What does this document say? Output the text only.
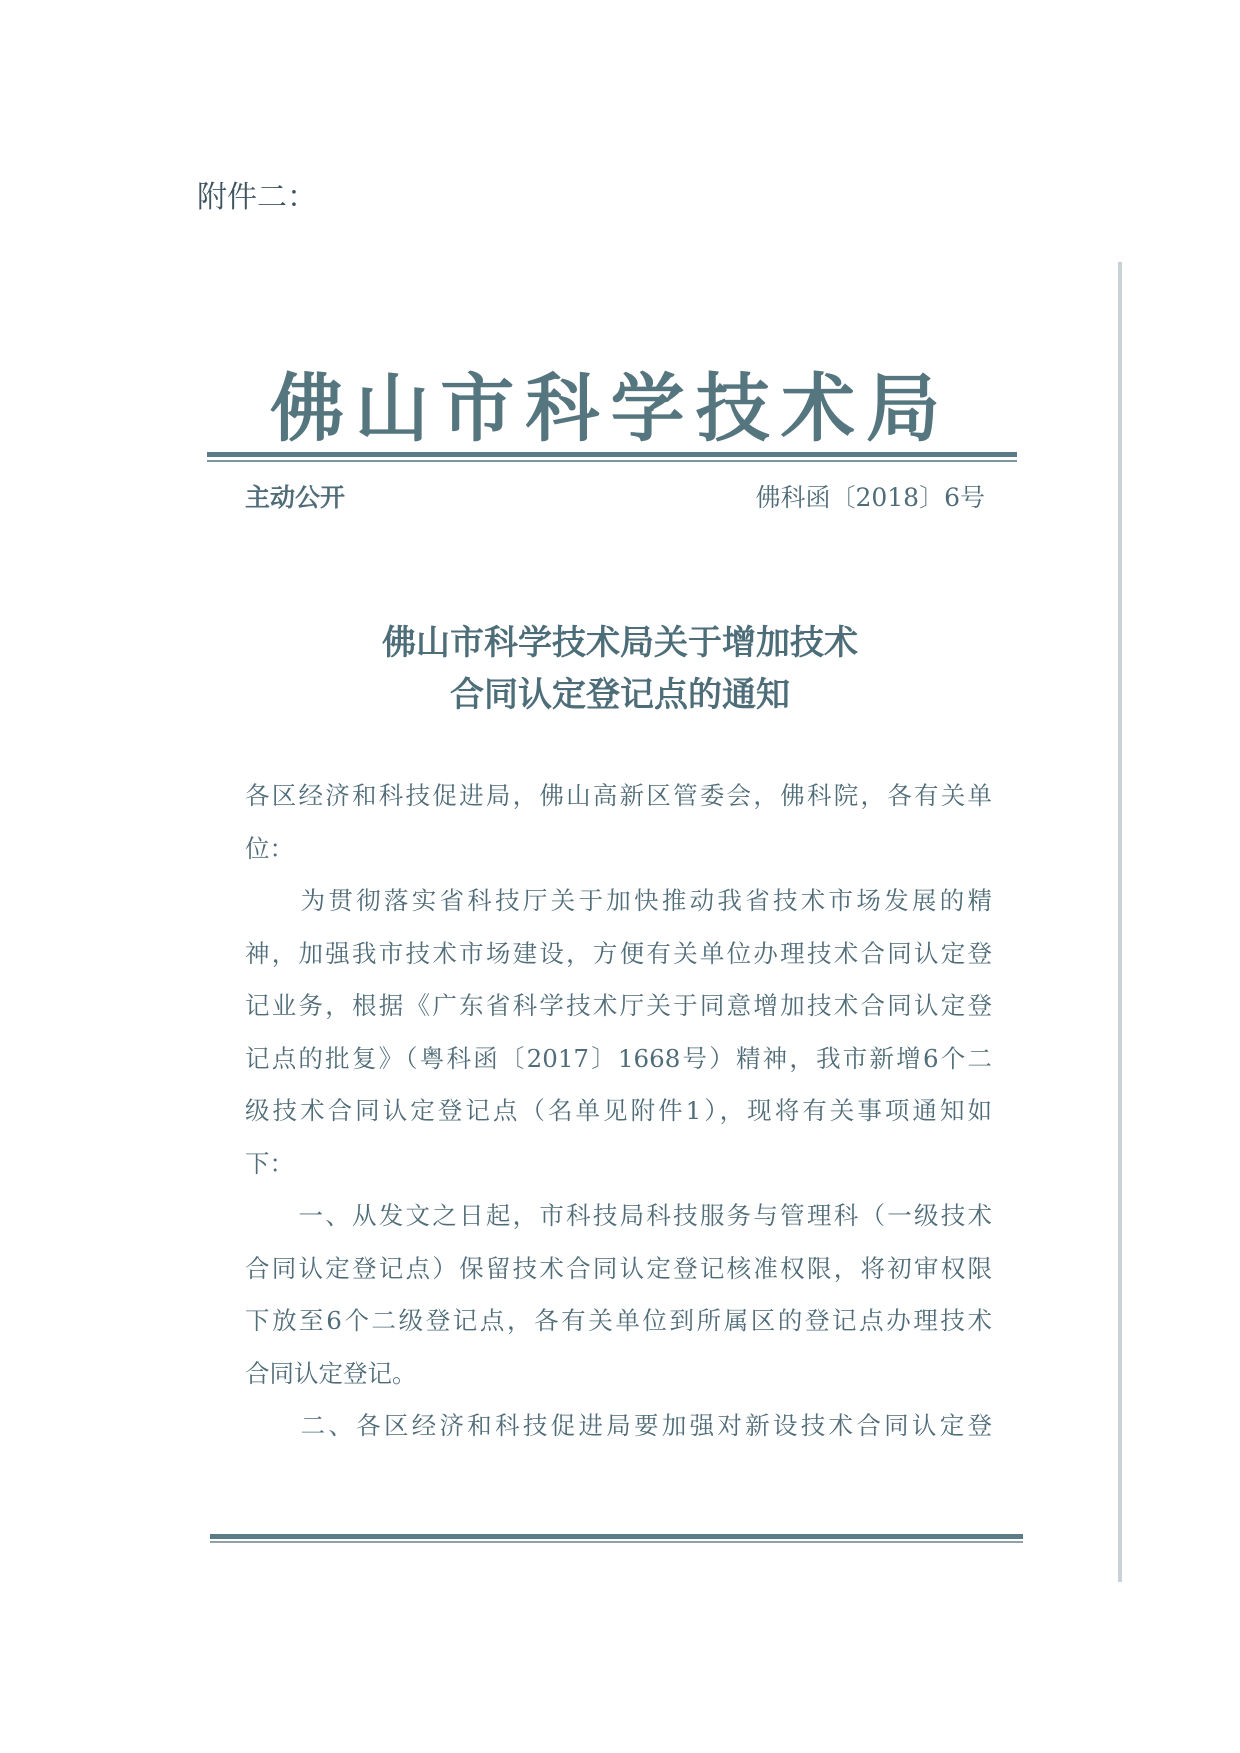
附件二：
佛 山 市 科 学 技 术 局
主动公开	佛科函〔2018〕6号
佛山市科学技术局关于增加技术
合同认定登记点的通知
各区经济和科技促进局，佛山高新区管委会，佛科院，各有关单
位：
　　为贯彻落实省科技厅关于加快推动我省技术市场发展的精
神，加强我市技术市场建设，方便有关单位办理技术合同认定登
记业务，根据《广东省科学技术厅关于同意增加技术合同认定登
记点的批复》（粤科函〔2017〕1668号）精神，我市新增6个二
级技术合同认定登记点（名单见附件1），现将有关事项通知如
下：
　　一、从发文之日起，市科技局科技服务与管理科（一级技术
合同认定登记点）保留技术合同认定登记核准权限，将初审权限
下放至6个二级登记点，各有关单位到所属区的登记点办理技术
合同认定登记。
　　二、各区经济和科技促进局要加强对新设技术合同认定登
